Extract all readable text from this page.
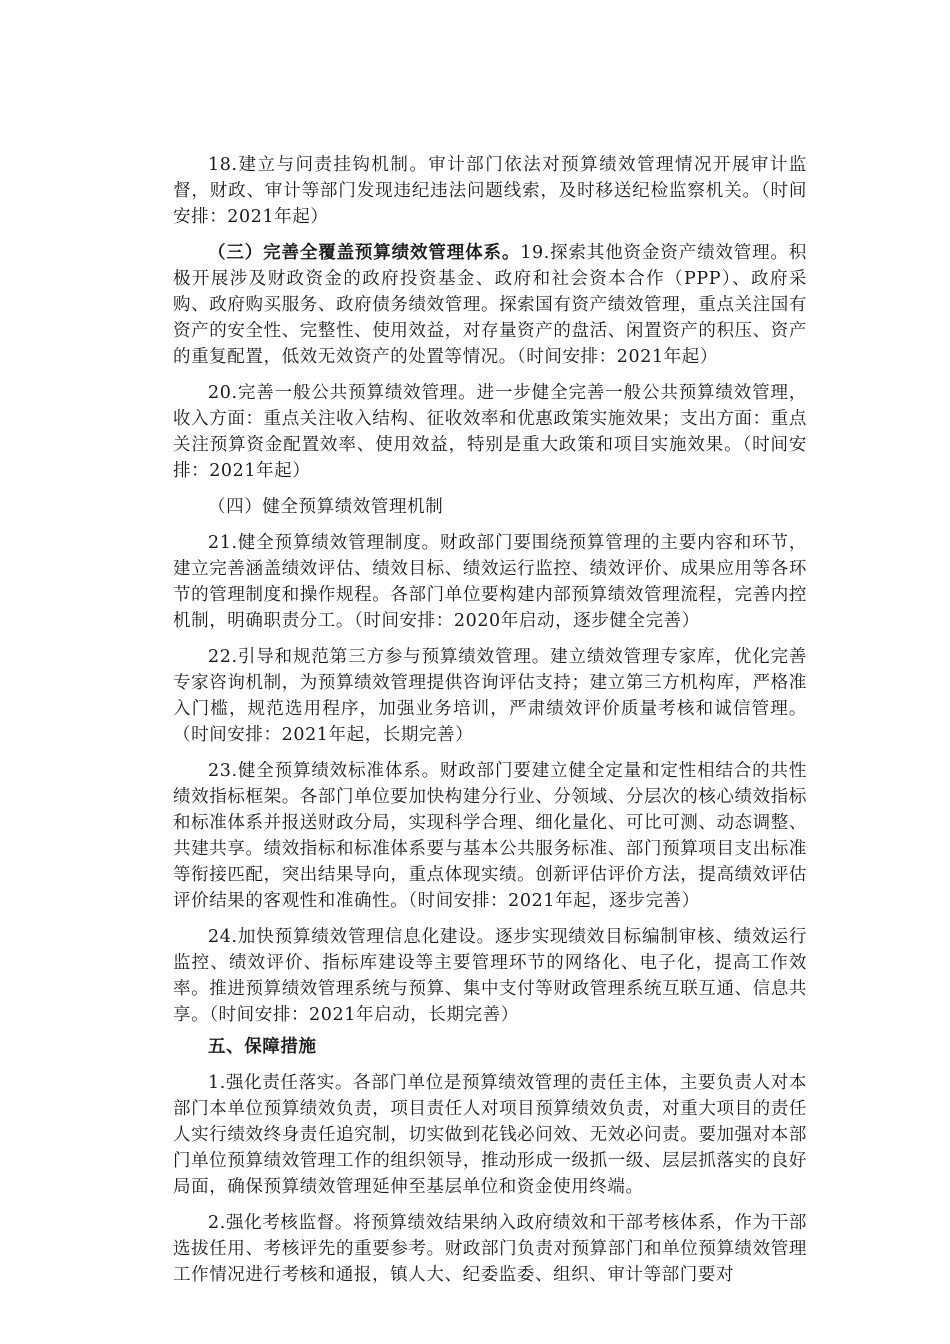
18.建立与问责挂钩机制。审计部门依法对预算绩效管理情况开展审计监督，财政、审计等部门发现违纪违法问题线索，及时移送纪检监察机关。（时间安排：2021年起）

（三）完善全覆盖预算绩效管理体系。19.探索其他资金资产绩效管理。积极开展涉及财政资金的政府投资基金、政府和社会资本合作（PPP）、政府采购、政府购买服务、政府债务绩效管理。探索国有资产绩效管理，重点关注国有资产的安全性、完整性、使用效益，对存量资产的盘活、闲置资产的积压、资产的重复配置，低效无效资产的处置等情况。（时间安排：2021年起）

20.完善一般公共预算绩效管理。进一步健全完善一般公共预算绩效管理，收入方面：重点关注收入结构、征收效率和优惠政策实施效果；支出方面：重点关注预算资金配置效率、使用效益，特别是重大政策和项目实施效果。（时间安排：2021年起）

（四）健全预算绩效管理机制

21.健全预算绩效管理制度。财政部门要围绕预算管理的主要内容和环节，建立完善涵盖绩效评估、绩效目标、绩效运行监控、绩效评价、成果应用等各环节的管理制度和操作规程。各部门单位要构建内部预算绩效管理流程，完善内控机制，明确职责分工。（时间安排：2020年启动，逐步健全完善）

22.引导和规范第三方参与预算绩效管理。建立绩效管理专家库，优化完善专家咨询机制，为预算绩效管理提供咨询评估支持；建立第三方机构库，严格准入门槛，规范选用程序，加强业务培训，严肃绩效评价质量考核和诚信管理。（时间安排：2021年起，长期完善）

23.健全预算绩效标准体系。财政部门要建立健全定量和定性相结合的共性绩效指标框架。各部门单位要加快构建分行业、分领域、分层次的核心绩效指标和标准体系并报送财政分局，实现科学合理、细化量化、可比可测、动态调整、共建共享。绩效指标和标准体系要与基本公共服务标准、部门预算项目支出标准等衔接匹配，突出结果导向，重点体现实绩。创新评估评价方法，提高绩效评估评价结果的客观性和准确性。（时间安排：2021年起，逐步完善）

24.加快预算绩效管理信息化建设。逐步实现绩效目标编制审核、绩效运行监控、绩效评价、指标库建设等主要管理环节的网络化、电子化，提高工作效率。推进预算绩效管理系统与预算、集中支付等财政管理系统互联互通、信息共享。（时间安排：2021年启动，长期完善）

五、保障措施

1.强化责任落实。各部门单位是预算绩效管理的责任主体，主要负责人对本部门本单位预算绩效负责，项目责任人对项目预算绩效负责，对重大项目的责任人实行绩效终身责任追究制，切实做到花钱必问效、无效必问责。要加强对本部门单位预算绩效管理工作的组织领导，推动形成一级抓一级、层层抓落实的良好局面，确保预算绩效管理延伸至基层单位和资金使用终端。

2.强化考核监督。将预算绩效结果纳入政府绩效和干部考核体系，作为干部选拔任用、考核评先的重要参考。财政部门负责对预算部门和单位预算绩效管理工作情况进行考核和通报，镇人大、纪委监委、组织、审计等部门要对
